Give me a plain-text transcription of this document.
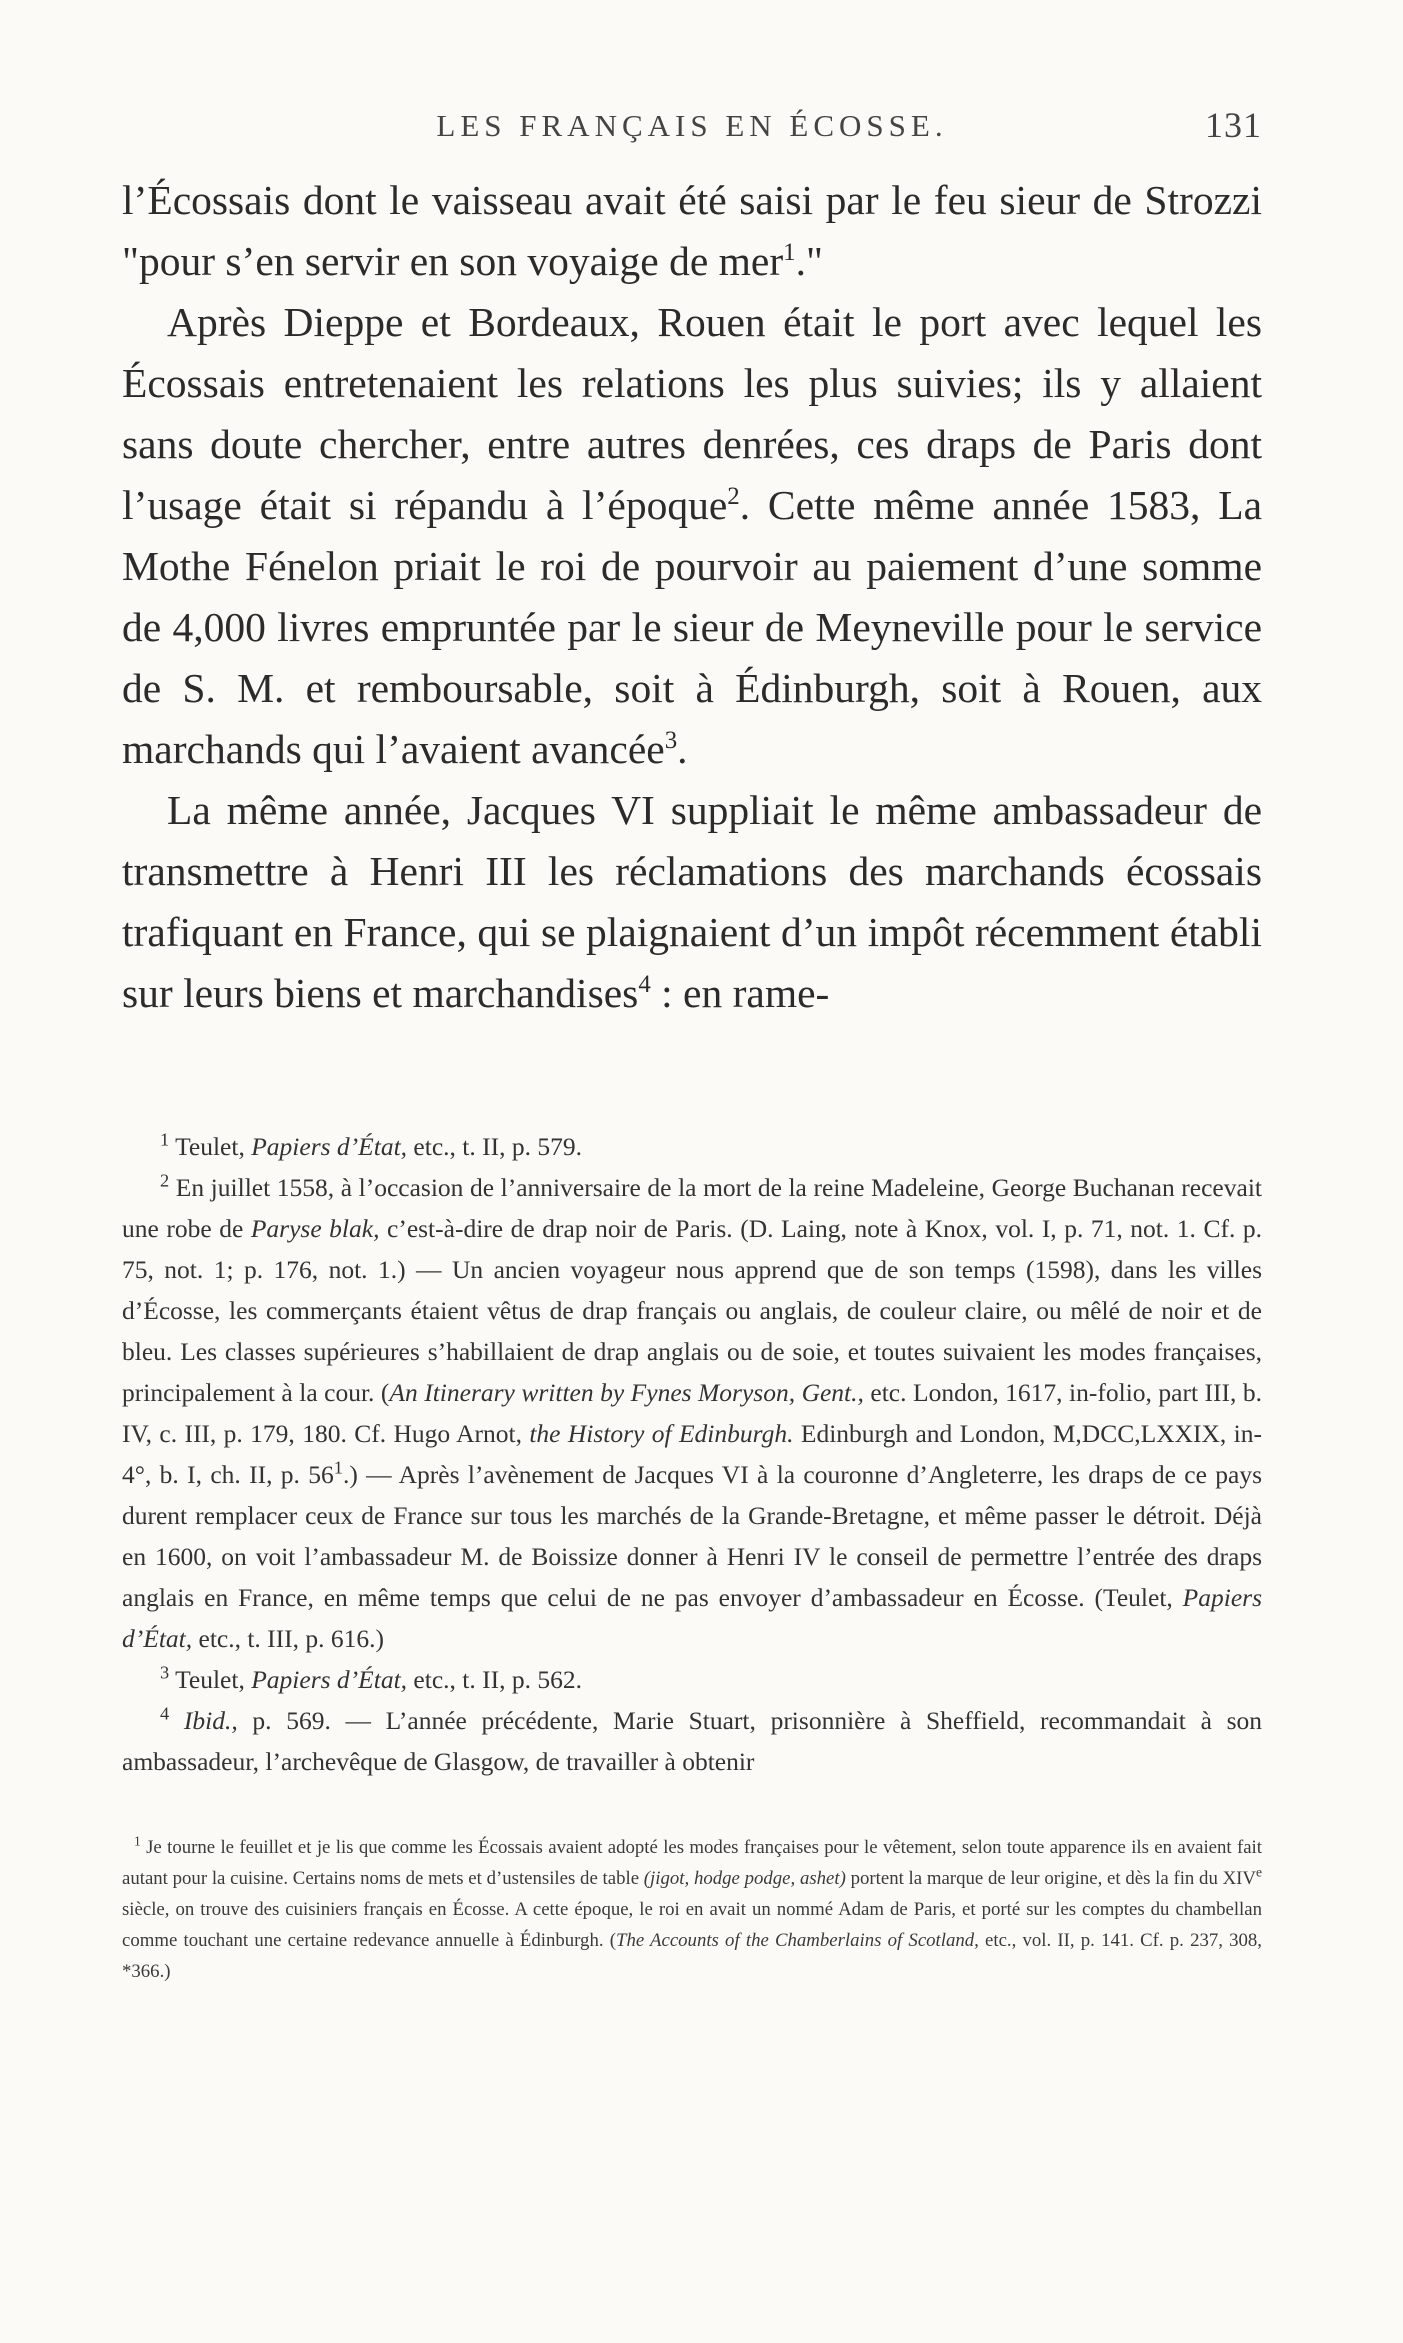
LES FRANÇAIS EN ÉCOSSE.	131

l’Écossais dont le vaisseau avait été saisi par le feu sieur de Strozzi "pour s’en servir en son voyaige de mer$^1$."

Après Dieppe et Bordeaux, Rouen était le port avec lequel les Écossais entretenaient les relations les plus suivies; ils y allaient sans doute chercher, entre autres denrées, ces draps de Paris dont l’usage était si répandu à l’époque$^2$. Cette même année 1583, La Mothe Fénelon priait le roi de pourvoir au paiement d’une somme de 4,000 livres empruntée par le sieur de Meyneville pour le service de S. M. et remboursable, soit à Édinburgh, soit à Rouen, aux marchands qui l’avaient avancée$^3$.

La même année, Jacques VI suppliait le même ambassadeur de transmettre à Henri III les réclamations des marchands écossais trafiquant en France, qui se plaignaient d’un impôt récemment établi sur leurs biens et marchandises$^4$ : en rame-

$^1$ Teulet, Papiers d’État, etc., t. II, p. 579.

$^2$ En juillet 1558, à l’occasion de l’anniversaire de la mort de la reine Madeleine, George Buchanan recevait une robe de Paryse blak, c’est-à-dire de drap noir de Paris. (D. Laing, note à Knox, vol. I, p. 71, not. 1. Cf. p. 75, not. 1; p. 176, not. 1.) — Un ancien voyageur nous apprend que de son temps (1598), dans les villes d’Écosse, les commerçants étaient vêtus de drap français ou anglais, de couleur claire, ou mêlé de noir et de bleu. Les classes supérieures s’habillaient de drap anglais ou de soie, et toutes suivaient les modes françaises, principalement à la cour. (An Itinerary written by Fynes Moryson, Gent., etc. London, 1617, in-folio, part III, b. IV, c. III, p. 179, 180. Cf. Hugo Arnot, the History of Edinburgh. Edinburgh and London, M,DCC,LXXIX, in-4°, b. I, ch. II, p. 56$^1$.) — Après l’avènement de Jacques VI à la couronne d’Angleterre, les draps de ce pays durent remplacer ceux de France sur tous les marchés de la Grande-Bretagne, et même passer le détroit. Déjà en 1600, on voit l’ambassadeur M. de Boissize donner à Henri IV le conseil de permettre l’entrée des draps anglais en France, en même temps que celui de ne pas envoyer d’ambassadeur en Écosse. (Teulet, Papiers d’État, etc., t. III, p. 616.)

$^3$ Teulet, Papiers d’État, etc., t. II, p. 562.

$^4$ Ibid., p. 569. — L’année précédente, Marie Stuart, prisonnière à Sheffield, recommandait à son ambassadeur, l’archevêque de Glasgow, de travailler à obtenir

$^1$ Je tourne le feuillet et je lis que comme les Écossais avaient adopté les modes françaises pour le vêtement, selon toute apparence ils en avaient fait autant pour la cuisine. Certains noms de mets et d’ustensiles de table (jigot, hodge podge, ashet) portent la marque de leur origine, et dès la fin du XIVe siècle, on trouve des cuisiniers français en Écosse. A cette époque, le roi en avait un nommé Adam de Paris, et porté sur les comptes du chambellan comme touchant une certaine redevance annuelle à Édinburgh. (The Accounts of the Chamberlains of Scotland, etc., vol. II, p. 141. Cf. p. 237, 308, *366.)
